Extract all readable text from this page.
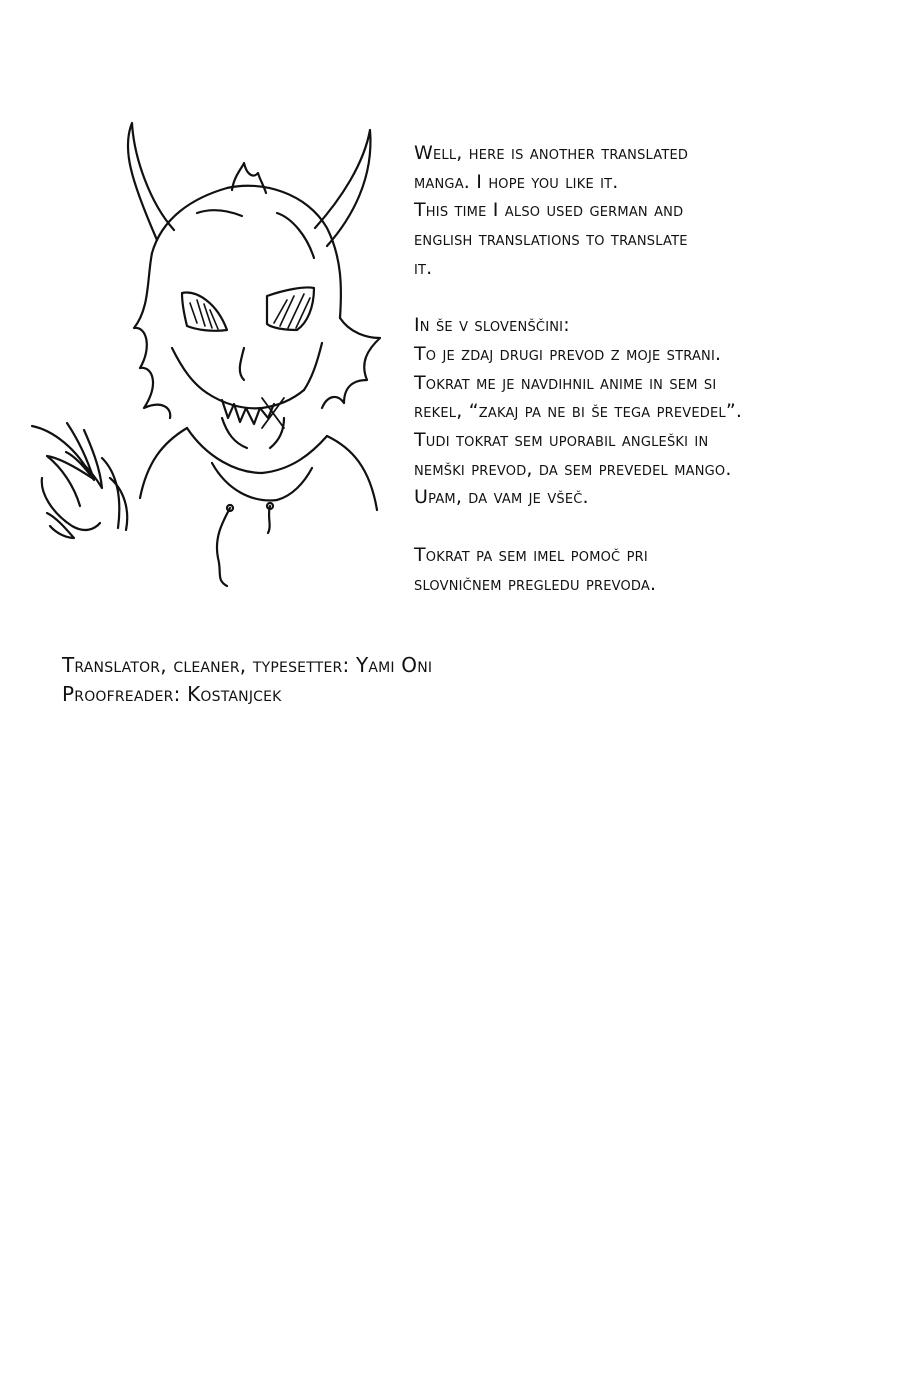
Well, here is another translated

manga. I hope you like it.

This time I also used german and

english translations to translate

it.

In še v slovenščini:

To je zdaj drugi prevod z moje strani.

Tokrat me je navdihnil anime in sem si

rekel, “zakaj pa ne bi še tega prevedel”.

Tudi tokrat sem uporabil angleški in

nemški prevod, da sem prevedel mango.

Upam, da vam je všeč.

Tokrat pa sem imel pomoč pri

slovničnem pregledu prevoda.

Translator, cleaner, typesetter: Yami Oni

Proofreader: Kostanjcek
